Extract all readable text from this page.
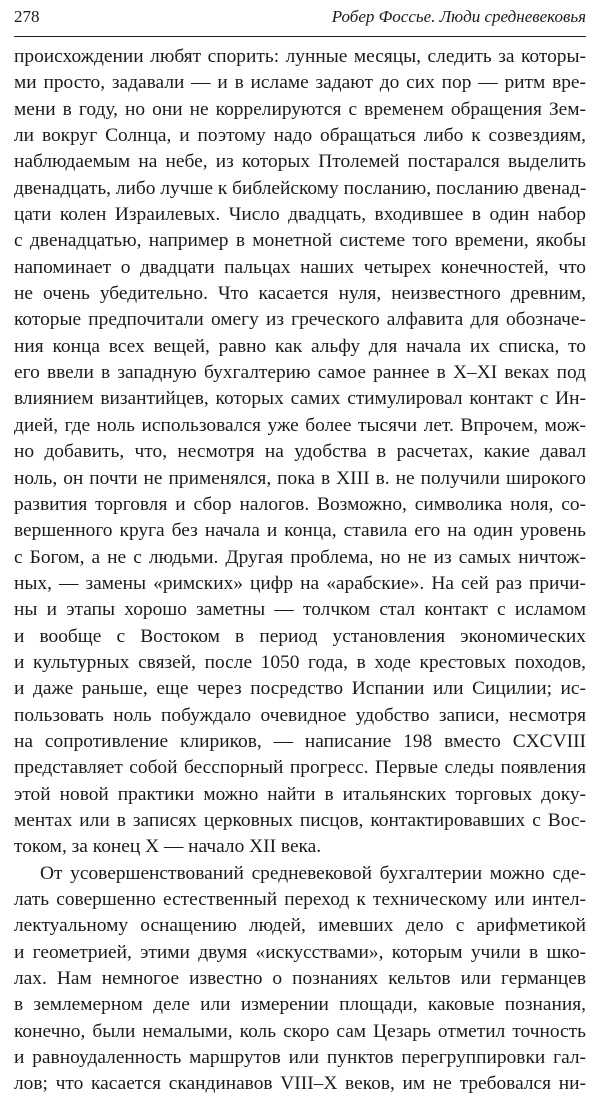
278	Робер Фоссье. Люди средневековья
происхождении любят спорить: лунные месяцы, следить за которы-
ми просто, задавали — и в исламе задают до сих пор — ритм вре-
мени в году, но они не коррелируются с временем обращения Зем-
ли вокруг Солнца, и поэтому надо обращаться либо к созвездиям,
наблюдаемым на небе, из которых Птолемей постарался выделить
двенадцать, либо лучше к библейскому посланию, посланию двенад-
цати колен Израилевых. Число двадцать, входившее в один набор
с двенадцатью, например в монетной системе того времени, якобы
напоминает о двадцати пальцах наших четырех конечностей, что
не очень убедительно. Что касается нуля, неизвестного древним,
которые предпочитали омегу из греческого алфавита для обозначе-
ния конца всех вещей, равно как альфу для начала их списка, то
его ввели в западную бухгалтерию самое раннее в X–XI веках под
влиянием византийцев, которых самих стимулировал контакт с Ин-
дией, где ноль использовался уже более тысячи лет. Впрочем, мож-
но добавить, что, несмотря на удобства в расчетах, какие давал
ноль, он почти не применялся, пока в XIII в. не получили широкого
развития торговля и сбор налогов. Возможно, символика ноля, со-
вершенного круга без начала и конца, ставила его на один уровень
с Богом, а не с людьми. Другая проблема, но не из самых ничтож-
ных, — замены «римских» цифр на «арабские». На сей раз причи-
ны и этапы хорошо заметны — толчком стал контакт с исламом
и вообще с Востоком в период установления экономических
и культурных связей, после 1050 года, в ходе крестовых походов,
и даже раньше, еще через посредство Испании или Сицилии; ис-
пользовать ноль побуждало очевидное удобство записи, несмотря
на сопротивление клириков, — написание 198 вместо CXCVIII
представляет собой бесспорный прогресс. Первые следы появления
этой новой практики можно найти в итальянских торговых доку-
ментах или в записях церковных писцов, контактировавших с Вос-
током, за конец X — начало XII века.
От усовершенствований средневековой бухгалтерии можно сде-
лать совершенно естественный переход к техническому или интел-
лектуальному оснащению людей, имевших дело с арифметикой
и геометрией, этими двумя «искусствами», которым учили в шко-
лах. Нам немногое известно о познаниях кельтов или германцев
в землемерном деле или измерении площади, каковые познания,
конечно, были немалыми, коль скоро сам Цезарь отметил точность
и равноудаленность маршрутов или пунктов перегруппировки гал-
лов; что касается скандинавов VIII–X веков, им не требовался ни-
